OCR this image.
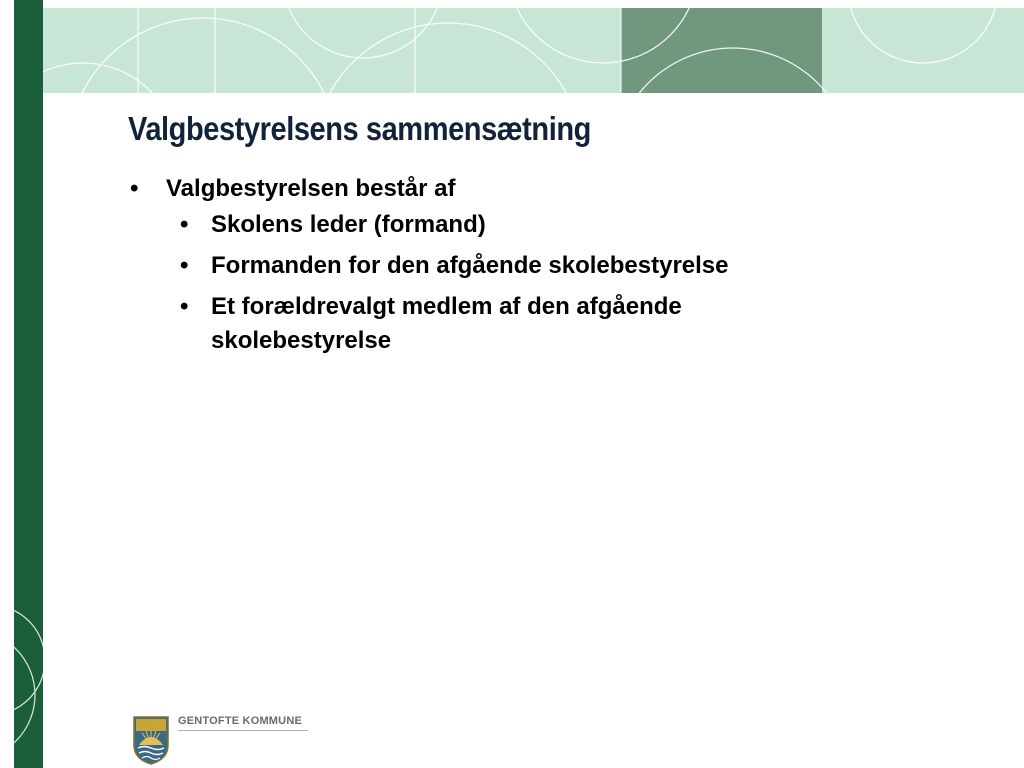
Valgbestyrelsens sammensætning
• Valgbestyrelsen består af
• Skolens leder (formand)
• Formanden for den afgående skolebestyrelse
• Et forældrevalgt medlem af den afgående skolebestyrelse
GENTOFTE KOMMUNE
